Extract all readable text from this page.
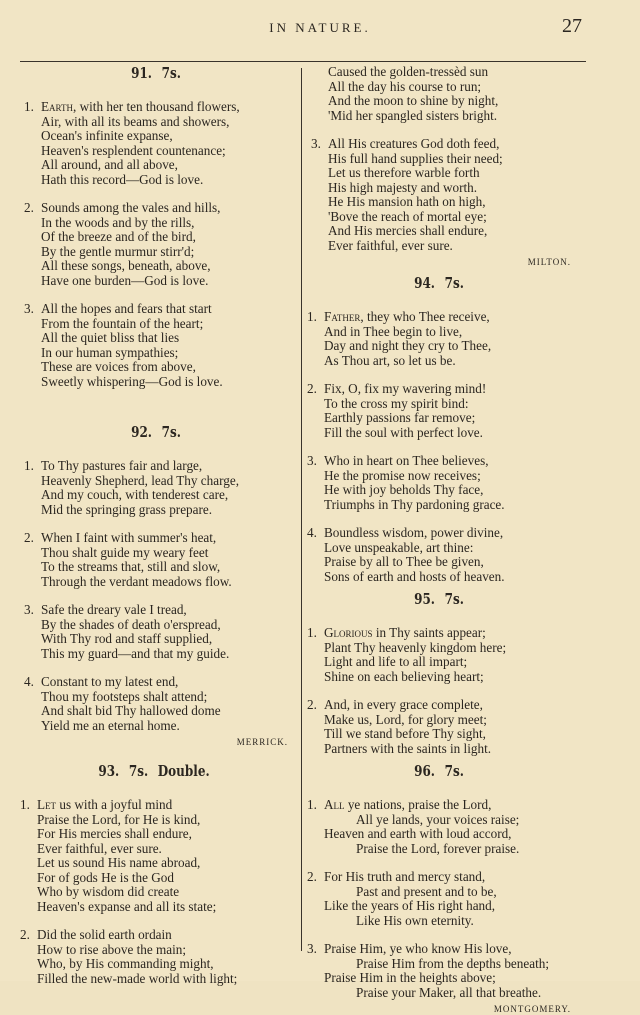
IN NATURE.	27
91. 7s.
1. Earth, with her ten thousand flowers,
Air, with all its beams and showers,
Ocean's infinite expanse,
Heaven's resplendent countenance;
All around, and all above,
Hath this record—God is love.
2. Sounds among the vales and hills,
In the woods and by the rills,
Of the breeze and of the bird,
By the gentle murmur stirr'd;
All these songs, beneath, above,
Have one burden—God is love.
3. All the hopes and fears that start
From the fountain of the heart;
All the quiet bliss that lies
In our human sympathies;
These are voices from above,
Sweetly whispering—God is love.
92. 7s.
1. To Thy pastures fair and large,
Heavenly Shepherd, lead Thy charge,
And my couch, with tenderest care,
Mid the springing grass prepare.
2. When I faint with summer's heat,
Thou shalt guide my weary feet
To the streams that, still and slow,
Through the verdant meadows flow.
3. Safe the dreary vale I tread,
By the shades of death o'erspread,
With Thy rod and staff supplied,
This my guard—and that my guide.
4. Constant to my latest end,
Thou my footsteps shalt attend;
And shalt bid Thy hallowed dome
Yield me an eternal home.
MERRICK.
93. 7s. Double.
1. Let us with a joyful mind
Praise the Lord, for He is kind,
For His mercies shall endure,
Ever faithful, ever sure.
Let us sound His name abroad,
For of gods He is the God
Who by wisdom did create
Heaven's expanse and all its state;
2. Did the solid earth ordain
How to rise above the main;
Who, by His commanding might,
Filled the new-made world with light;
Caused the golden-tressèd sun
All the day his course to run;
And the moon to shine by night,
'Mid her spangled sisters bright.
3. All His creatures God doth feed,
His full hand supplies their need;
Let us therefore warble forth
His high majesty and worth.
He His mansion hath on high,
'Bove the reach of mortal eye;
And His mercies shall endure,
Ever faithful, ever sure.
MILTON.
94. 7s.
1. Father, they who Thee receive,
And in Thee begin to live,
Day and night they cry to Thee,
As Thou art, so let us be.
2. Fix, O, fix my wavering mind!
To the cross my spirit bind:
Earthly passions far remove;
Fill the soul with perfect love.
3. Who in heart on Thee believes,
He the promise now receives;
He with joy beholds Thy face,
Triumphs in Thy pardoning grace.
4. Boundless wisdom, power divine,
Love unspeakable, art thine:
Praise by all to Thee be given,
Sons of earth and hosts of heaven.
95. 7s.
1. Glorious in Thy saints appear;
Plant Thy heavenly kingdom here;
Light and life to all impart;
Shine on each believing heart;
2. And, in every grace complete,
Make us, Lord, for glory meet;
Till we stand before Thy sight,
Partners with the saints in light.
96. 7s.
1. All ye nations, praise the Lord,
All ye lands, your voices raise;
Heaven and earth with loud accord,
Praise the Lord, forever praise.
2. For His truth and mercy stand,
Past and present and to be,
Like the years of His right hand,
Like His own eternity.
3. Praise Him, ye who know His love,
Praise Him from the depths beneath;
Praise Him in the heights above;
Praise your Maker, all that breathe.
MONTGOMERY.
